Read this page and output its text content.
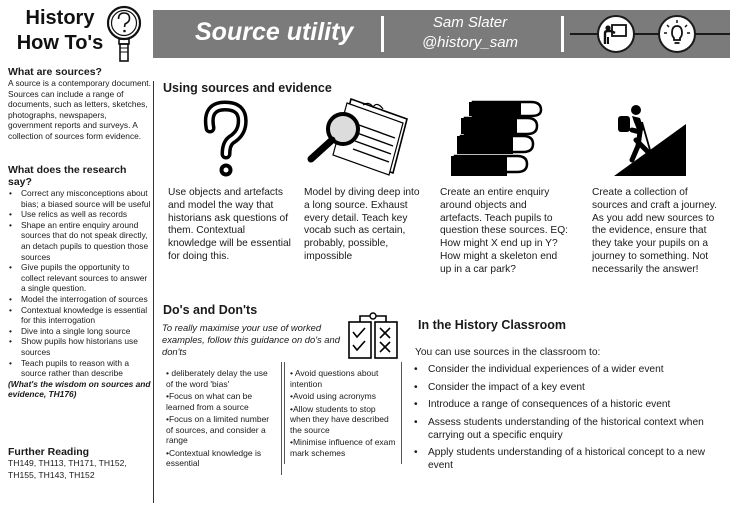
History
How To's	Source utility	Sam Slater
@history_sam
What are sources?
A source is a contemporary document. Sources can include a range of documents, such as letters, sketches, photographs, newspapers, government reports and surveys. A collection of sources form evidence.
What does the research say?
• Correct any misconceptions about bias; a biased source will be useful
• Use relics as well as records
• Shape an entire enquiry around sources that do not speak directly, an detach pupils to question those sources
• Give pupils the opportunity to collect relevant sources to answer a single question.
• Model the interrogation of sources
• Contextual knowledge is essential for this interrogation
• Dive into a single long source
• Show pupils how historians use sources
• Teach pupils to reason with a source rather than describe
(What's the wisdom on sources and evidence, TH176)
Further Reading
TH149, TH113, TH171, TH152, TH155, TH143, TH152
Using sources and evidence
Use objects and artefacts and model the way that historians ask questions of them. Contextual knowledge will be essential for doing this.
Model by diving deep into a long source. Exhaust every detail. Teach key vocab such as certain, probably, possible, impossible
Create an entire enquiry around objects and artefacts. Teach pupils to question these sources. EQ: How might X end up in Y? How might a skeleton end up in a car park?
Create a collection of sources and craft a journey. As you add new sources to the evidence, ensure that they take your pupils on a journey to something. Not necessarily the answer!
Do's and Don'ts
To really maximise your use of worked examples, follow this guidance on do's and don'ts
• deliberately delay the use of the word 'bias'
•Focus on what can be learned from a source
•Focus on a limited number of sources, and consider a range
•Contextual knowledge is essential
• Avoid questions about intention
•Avoid using acronyms
•Allow students to stop when they have described the source
•Minimise influence of exam mark schemes
In the History Classroom
You can use sources in the classroom to:
• Consider the individual experiences of a wider event
• Consider the impact of a key event
• Introduce a range of consequences of a historic event
• Assess students understanding of the historical context when carrying out a specific enquiry
• Apply students understanding of a historical concept to a new event
